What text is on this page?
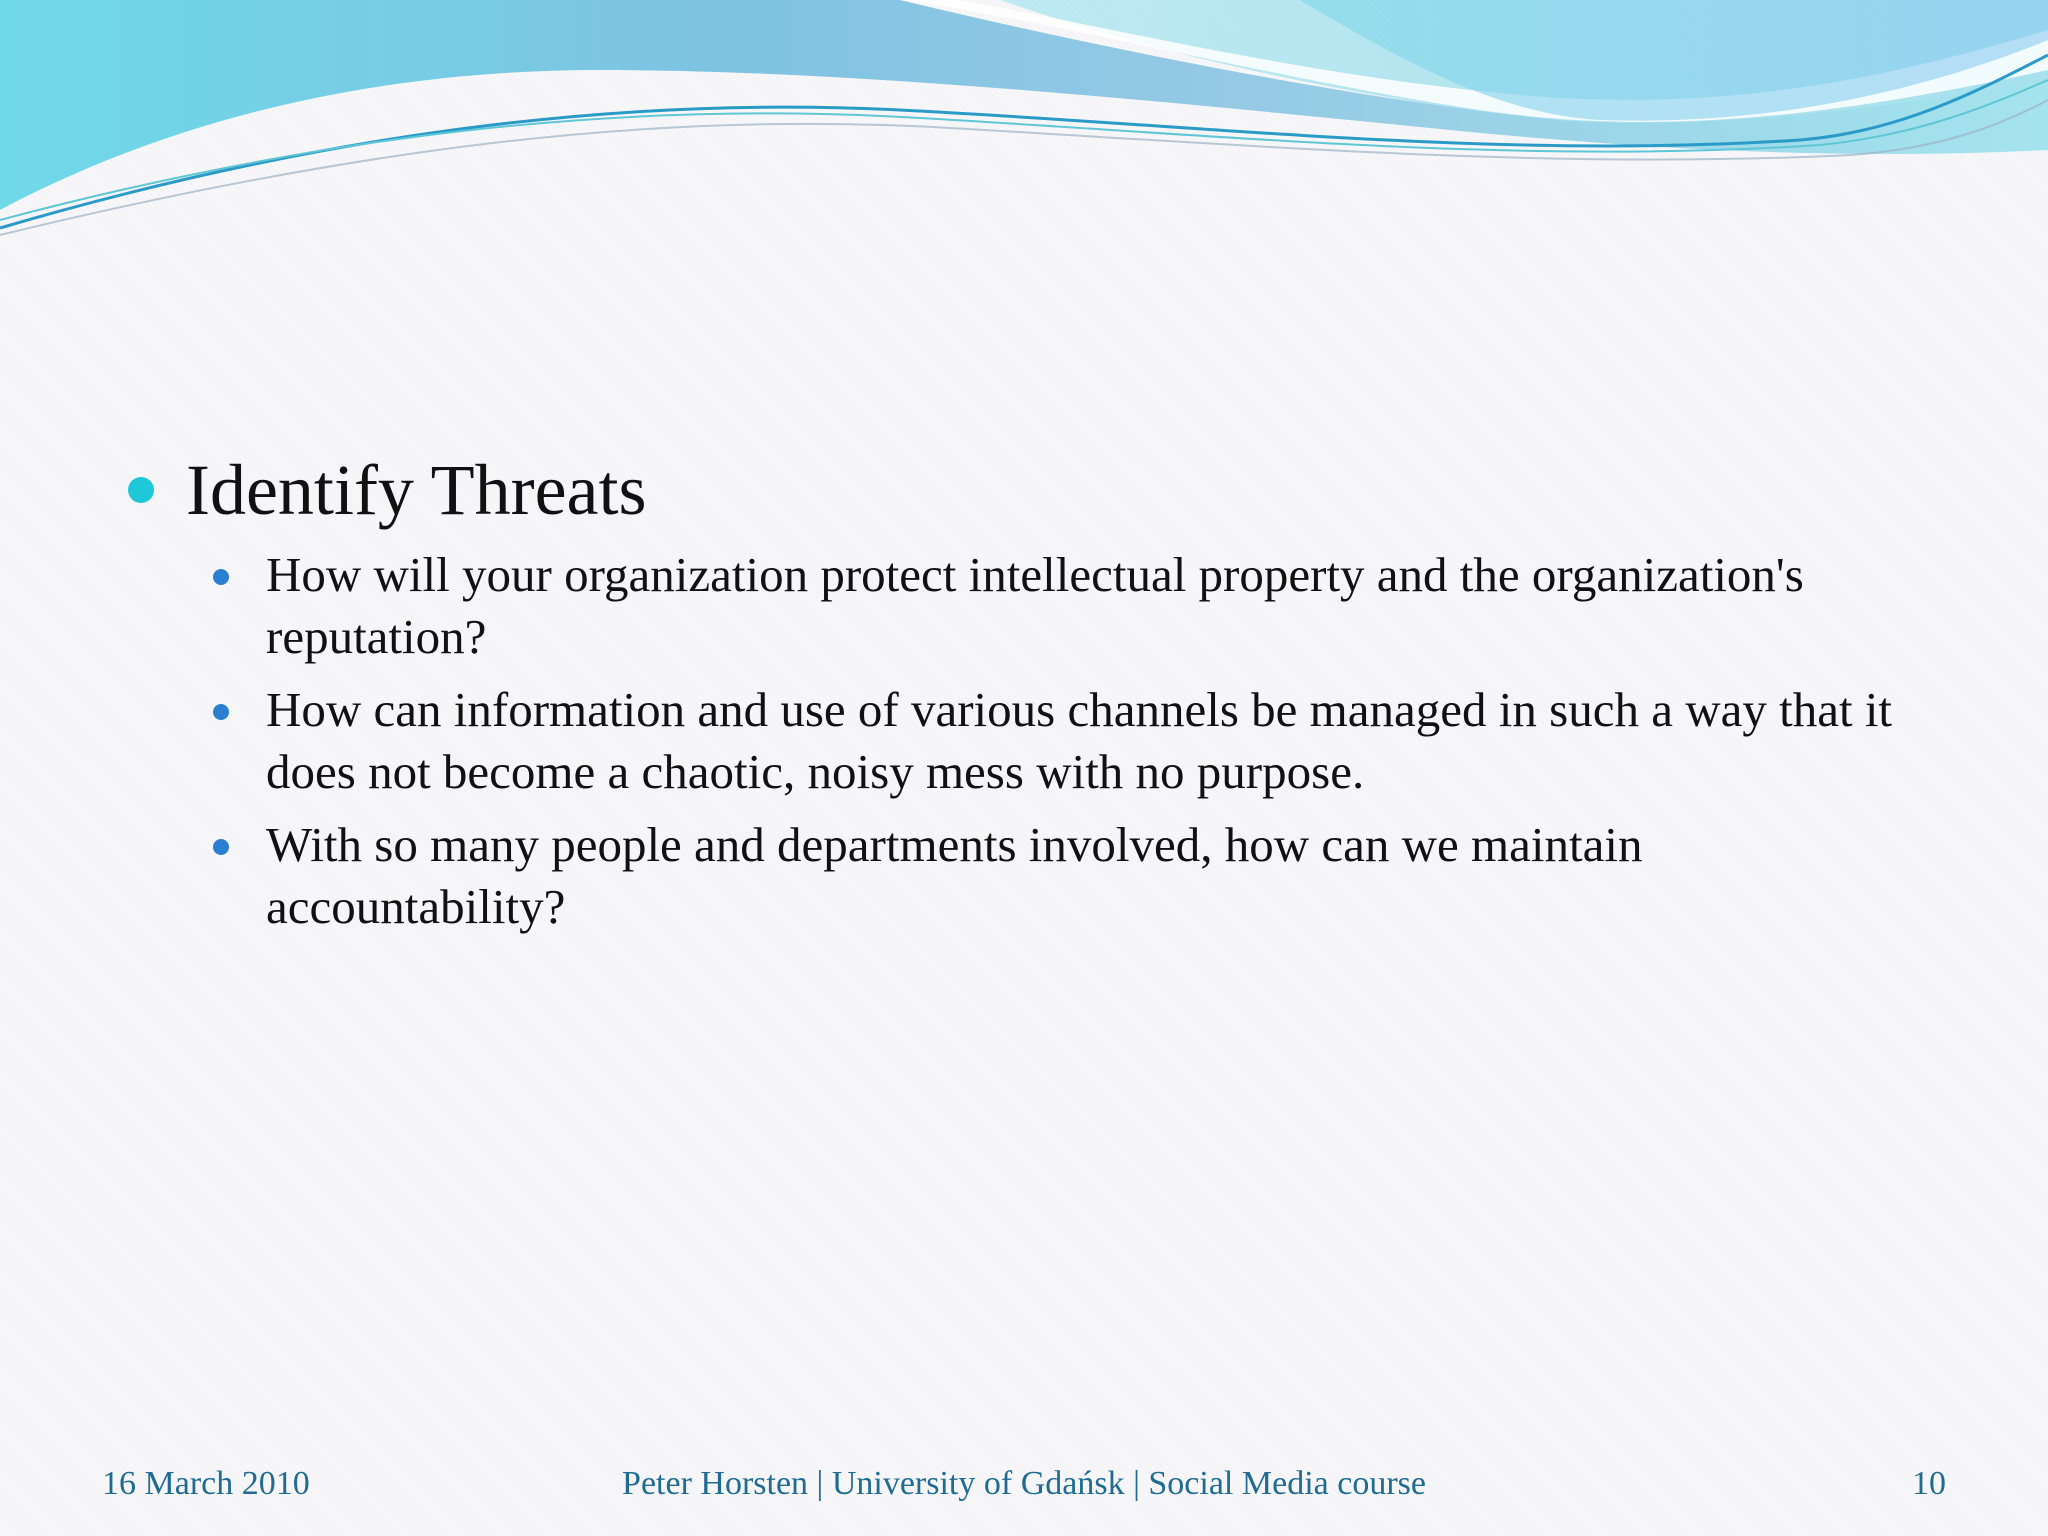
Identify Threats
How will your organization protect intellectual property and the organization's reputation?
How can information and use of various channels be managed in such a way that it does not become a chaotic, noisy mess with no purpose.
With so many people and departments involved, how can we maintain accountability?
16 March 2010	Peter Horsten | University of Gdańsk | Social Media course	10
